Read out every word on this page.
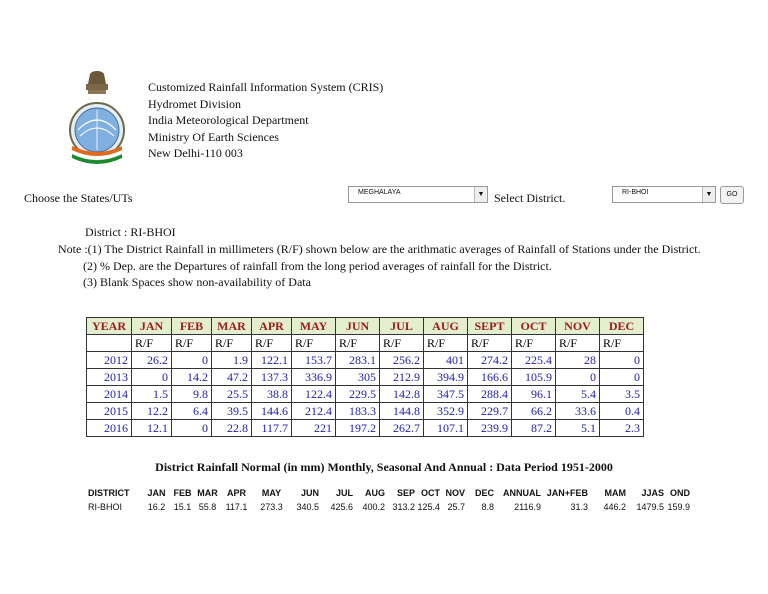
Customized Rainfall Information System (CRIS)
Hydromet Division
India Meteorological Department
Ministry Of Earth Sciences
New Delhi-110 003
Choose the States/UTs	MEGHALAYA	▼ Select District.	RI-BHOI	▼	GO
District : RI-BHOI
Note :(1) The District Rainfall in millimeters (R/F) shown below are the arithmatic averages of Rainfall of Stations under the District.
(2) % Dep. are the Departures of rainfall from the long period averages of rainfall for the District.
(3) Blank Spaces show non-availability of Data
YEAR	JAN	FEB	MAR	APR	MAY	JUN	JUL	AUG	SEPT	OCT	NOV	DEC
	R/F	R/F	R/F	R/F	R/F	R/F	R/F	R/F	R/F	R/F	R/F	R/F
2012	26.2	0	1.9	122.1	153.7	283.1	256.2	401	274.2	225.4	28	0
2013	0	14.2	47.2	137.3	336.9	305	212.9	394.9	166.6	105.9	0	0
2014	1.5	9.8	25.5	38.8	122.4	229.5	142.8	347.5	288.4	96.1	5.4	3.5
2015	12.2	6.4	39.5	144.6	212.4	183.3	144.8	352.9	229.7	66.2	33.6	0.4
2016	12.1	0	22.8	117.7	221	197.2	262.7	107.1	239.9	87.2	5.1	2.3
District Rainfall Normal (in mm) Monthly, Seasonal And Annual : Data Period 1951-2000
DISTRICT	JAN	FEB	MAR	APR	MAY	JUN	JUL	AUG	SEP	OCT	NOV	DEC	ANNUAL	JAN+FEB	MAM	JJAS	OND
RI-BHOI	16.2	15.1	55.8	117.1	273.3	340.5	425.6	400.2	313.2	125.4	25.7	8.8	2116.9	31.3	446.2	1479.5	159.9
